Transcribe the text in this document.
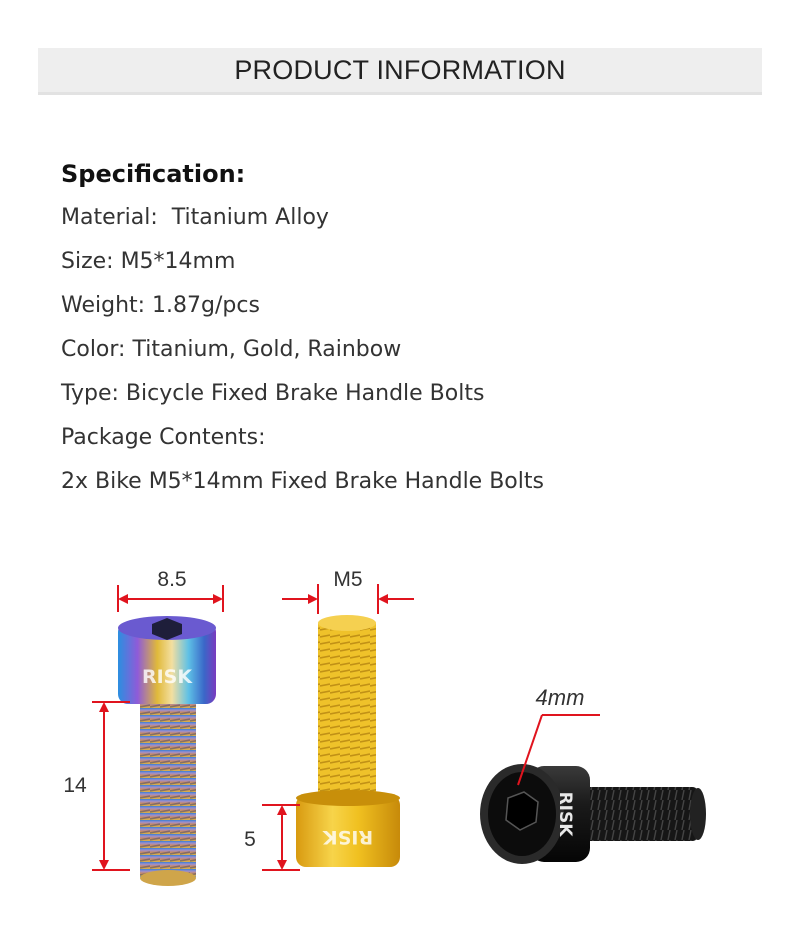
PRODUCT INFORMATION
Specification:
Material:  Titanium Alloy
Size: M5*14mm
Weight: 1.87g/pcs
Color: Titanium, Gold, Rainbow
Type: Bicycle Fixed Brake Handle Bolts
Package Contents:
2x Bike M5*14mm Fixed Brake Handle Bolts
RISK
8.5
14
RISK
M5
5
RISK
4mm
